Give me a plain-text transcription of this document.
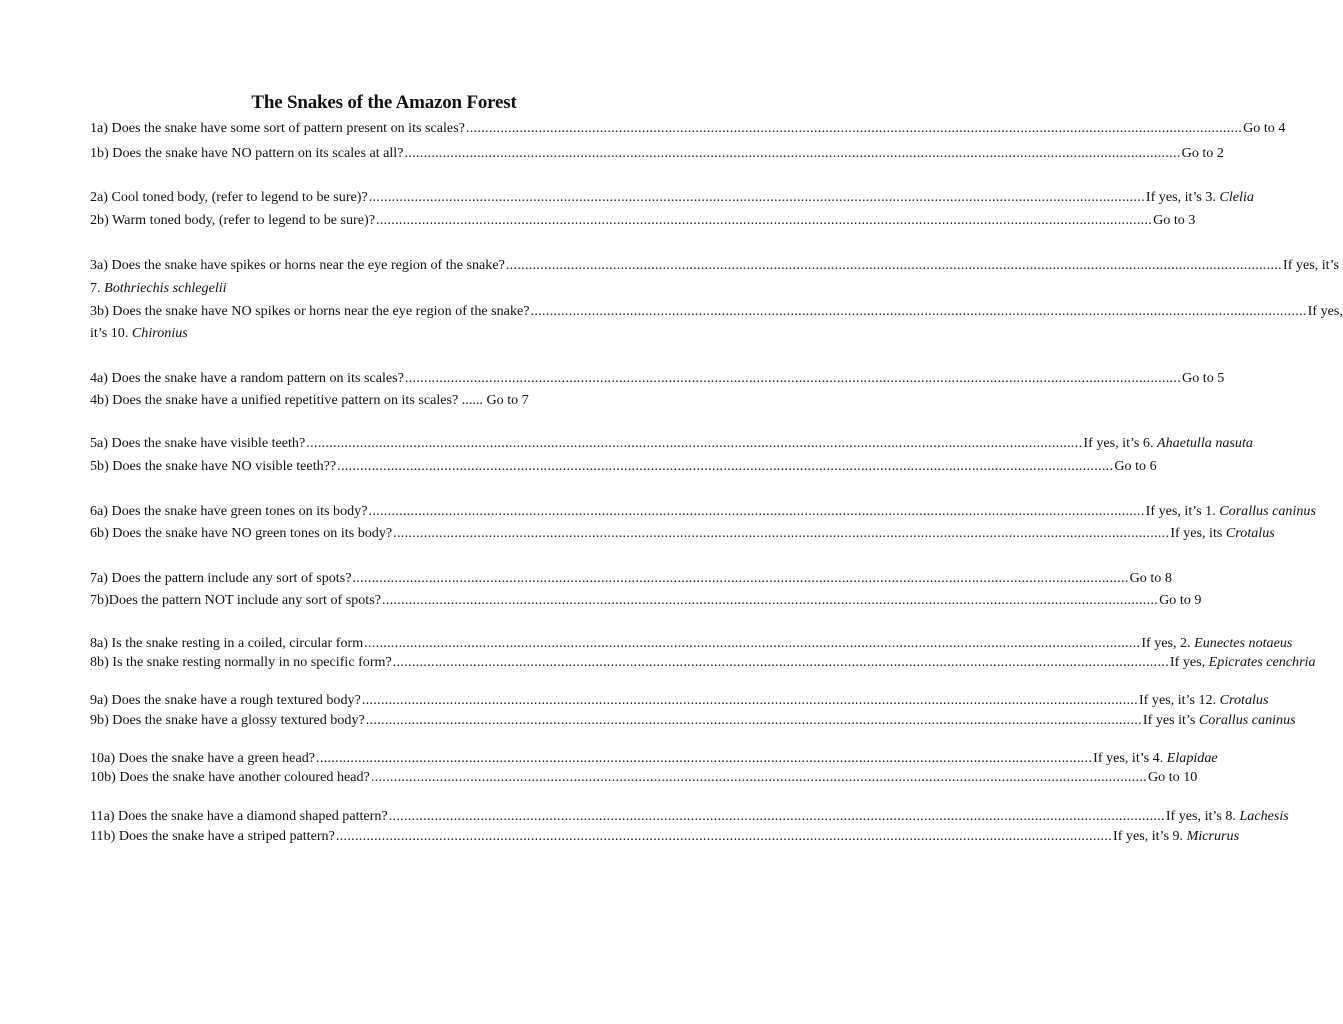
The Snakes of the Amazon Forest
1a) Does the snake have some sort of pattern present on its scales? ........................................................................................................................................................................................................... Go to 4
1b) Does the snake have NO pattern on its scales at all? ........................................................................................................................................................................................................... Go to 2
2a) Cool toned body, (refer to legend to be sure)? ........................................................................................................................................................................................................... If yes, it’s 3. Clelia
2b) Warm toned body, (refer to legend to be sure)? ........................................................................................................................................................................................................... Go to 3
3a) Does the snake have spikes or horns near the eye region of the snake? ........................................................................................................................................................................................................... If yes, it’s
7. Bothriechis schlegelii
3b) Does the snake have NO spikes or horns near the eye region of the snake? ........................................................................................................................................................................................................... If yes,
it’s 10. Chironius
4a) Does the snake have a random pattern on its scales? ........................................................................................................................................................................................................... Go to 5
4b) Does the snake have a unified repetitive pattern on its scales? ...... Go to 7
5a) Does the snake have visible teeth? ........................................................................................................................................................................................................... If yes, it’s 6. Ahaetulla nasuta
5b) Does the snake have NO visible teeth?? ........................................................................................................................................................................................................... Go to 6
6a) Does the snake have green tones on its body? ........................................................................................................................................................................................................... If yes, it’s 1. Corallus caninus
6b) Does the snake have NO green tones on its body? ........................................................................................................................................................................................................... If yes, its Crotalus
7a) Does the pattern include any sort of spots? ........................................................................................................................................................................................................... Go to 8
7b)Does the pattern NOT include any sort of spots? ........................................................................................................................................................................................................... Go to 9
8a) Is the snake resting in a coiled, circular form ........................................................................................................................................................................................................... If yes, 2. Eunectes notaeus
8b) Is the snake resting normally in no specific form? ........................................................................................................................................................................................................... If yes, Epicrates cenchria
9a) Does the snake have a rough textured body? ........................................................................................................................................................................................................... If yes, it’s 12. Crotalus
9b) Does the snake have a glossy textured body? ........................................................................................................................................................................................................... If yes it’s Corallus caninus
10a) Does the snake have a green head? ........................................................................................................................................................................................................... If yes, it’s 4. Elapidae
10b) Does the snake have another coloured head? ........................................................................................................................................................................................................... Go to 10
11a) Does the snake have a diamond shaped pattern? ........................................................................................................................................................................................................... If yes, it’s 8. Lachesis
11b) Does the snake have a striped pattern? ........................................................................................................................................................................................................... If yes, it’s 9. Micrurus
